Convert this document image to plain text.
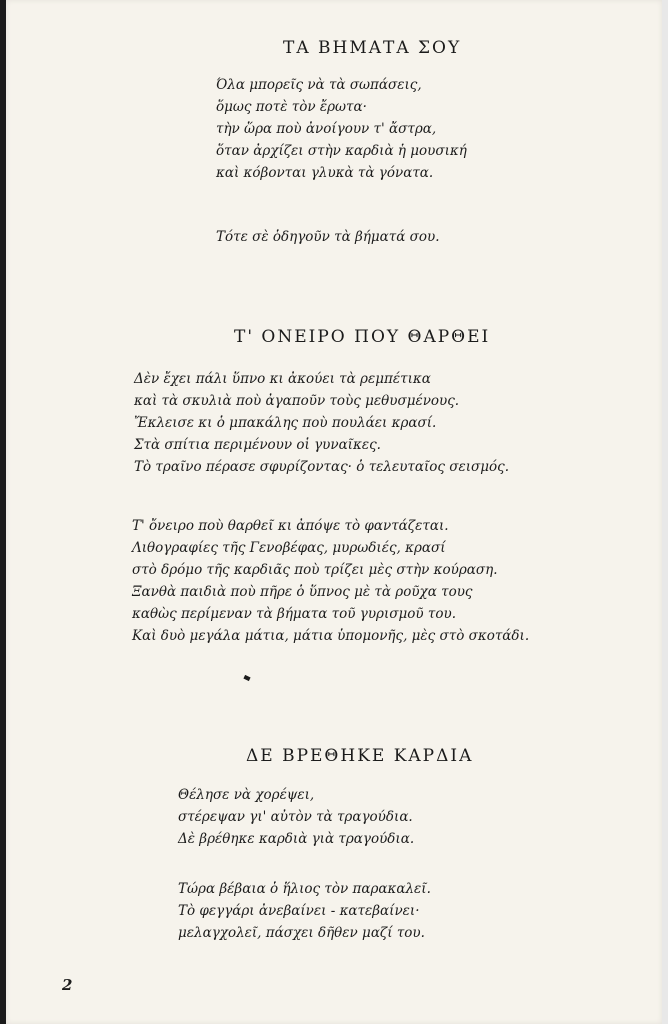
ΤΑ ΒΗΜΑΤΑ ΣΟΥ
Όλα μπορεῖς νὰ τὰ σωπάσεις,
ὅμως ποτὲ τὸν ἔρωτα·
τὴν ὥρα ποὺ ἀνοίγουν τ' ἄστρα,
ὅταν ἀρχίζει στὴν καρδιὰ ἡ μουσική
καὶ κόβονται γλυκὰ τὰ γόνατα.
Τότε σὲ ὁδηγοῦν τὰ βήματά σου.
Τ' ΟΝΕΙΡΟ ΠΟΥ ΘΑΡΘΕΙ
Δὲν ἔχει πάλι ὕπνο κι ἀκούει τὰ ρεμπέτικα
καὶ τὰ σκυλιὰ ποὺ ἀγαποῦν τοὺς μεθυσμένους.
Ἔκλεισε κι ὁ μπακάλης ποὺ πουλάει κρασί.
Στὰ σπίτια περιμένουν οἱ γυναῖκες.
Τὸ τραῖνο πέρασε σφυρίζοντας· ὁ τελευταῖος σεισμός.
Τ' ὄνειρο ποὺ θαρθεῖ κι ἀπόψε τὸ φαντάζεται.
Λιθογραφίες τῆς Γενοβέφας, μυρωδιές, κρασί
στὸ δρόμο τῆς καρδιᾶς ποὺ τρίζει μὲς στὴν κούραση.
Ξανθὰ παιδιὰ ποὺ πῆρε ὁ ὕπνος μὲ τὰ ροῦχα τους
καθὼς περίμεναν τὰ βήματα τοῦ γυρισμοῦ του.
Καὶ δυὸ μεγάλα μάτια, μάτια ὑπομονῆς, μὲς στὸ σκοτάδι.
ΔΕ ΒΡΕΘΗΚΕ ΚΑΡΔΙΑ
Θέλησε νὰ χορέψει,
στέρεψαν γι' αὐτὸν τὰ τραγούδια.
Δὲ βρέθηκε καρδιὰ γιὰ τραγούδια.
Τώρα βέβαια ὁ ἥλιος τὸν παρακαλεῖ.
Τὸ φεγγάρι ἀνεβαίνει - κατεβαίνει·
μελαγχολεῖ, πάσχει δῆθεν μαζί του.
2
